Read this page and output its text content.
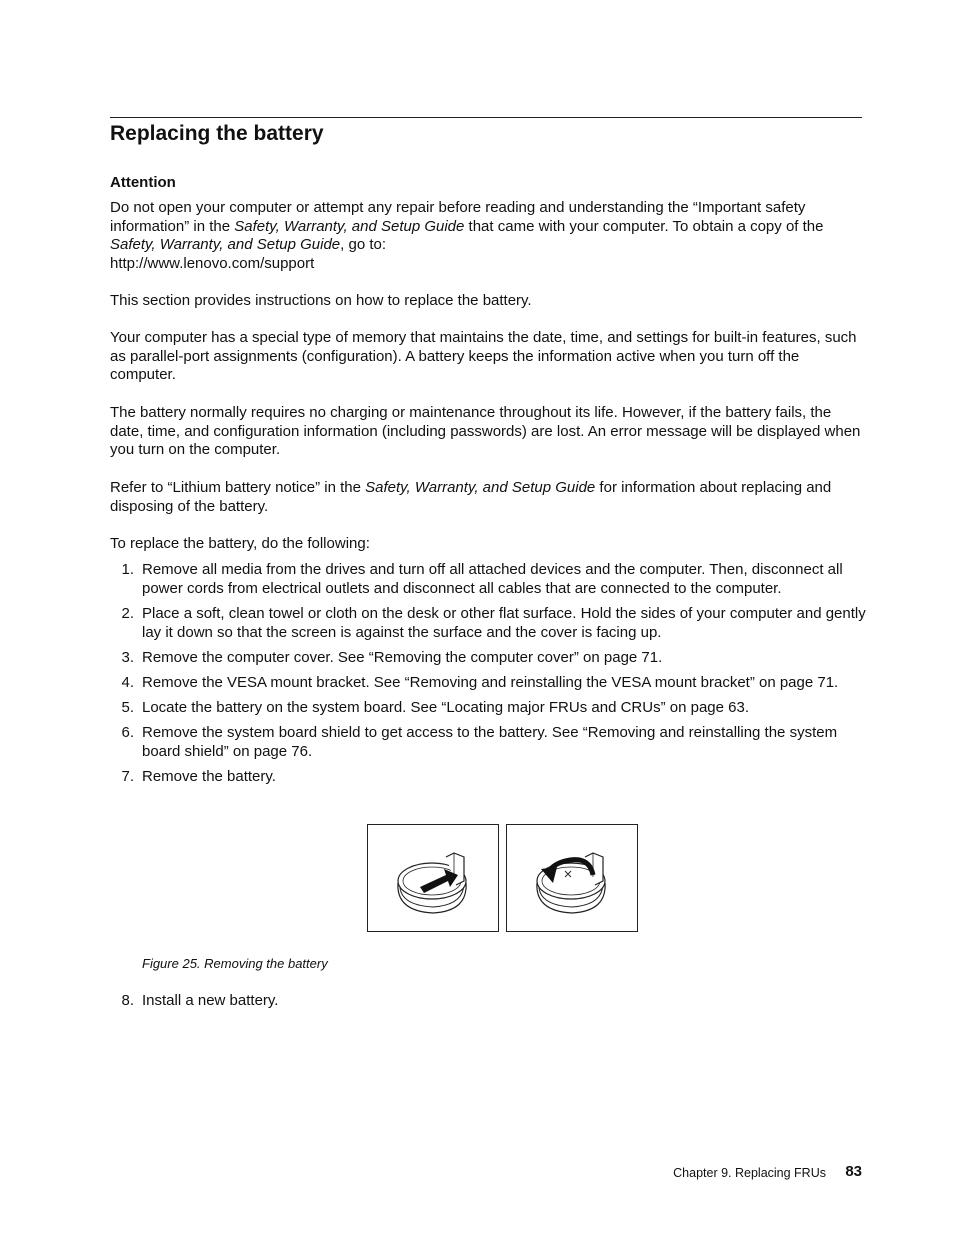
Replacing the battery
Attention

Do not open your computer or attempt any repair before reading and understanding the “Important safety information” in the Safety, Warranty, and Setup Guide that came with your computer. To obtain a copy of the
Safety, Warranty, and Setup Guide, go to:
http://www.lenovo.com/support

This section provides instructions on how to replace the battery.

Your computer has a special type of memory that maintains the date, time, and settings for built-in features, such as parallel-port assignments (configuration). A battery keeps the information active when you turn off the computer.

The battery normally requires no charging or maintenance throughout its life. However, if the battery fails, the date, time, and configuration information (including passwords) are lost. An error message will be displayed when you turn on the computer.

Refer to “Lithium battery notice” in the Safety, Warranty, and Setup Guide for information about replacing and disposing of the battery.

To replace the battery, do the following:

1. Remove all media from the drives and turn off all attached devices and the computer. Then, disconnect all power cords from electrical outlets and disconnect all cables that are connected to the computer.
2. Place a soft, clean towel or cloth on the desk or other flat surface. Hold the sides of your computer and gently lay it down so that the screen is against the surface and the cover is facing up.
3. Remove the computer cover. See “Removing the computer cover” on page 71.
4. Remove the VESA mount bracket. See “Removing and reinstalling the VESA mount bracket” on page 71.
5. Locate the battery on the system board. See “Locating major FRUs and CRUs” on page 63.
6. Remove the system board shield to get access to the battery. See “Removing and reinstalling the system board shield” on page 76.
7. Remove the battery.
Figure 25. Removing the battery
8. Install a new battery.
Chapter 9. Replacing FRUs 83
